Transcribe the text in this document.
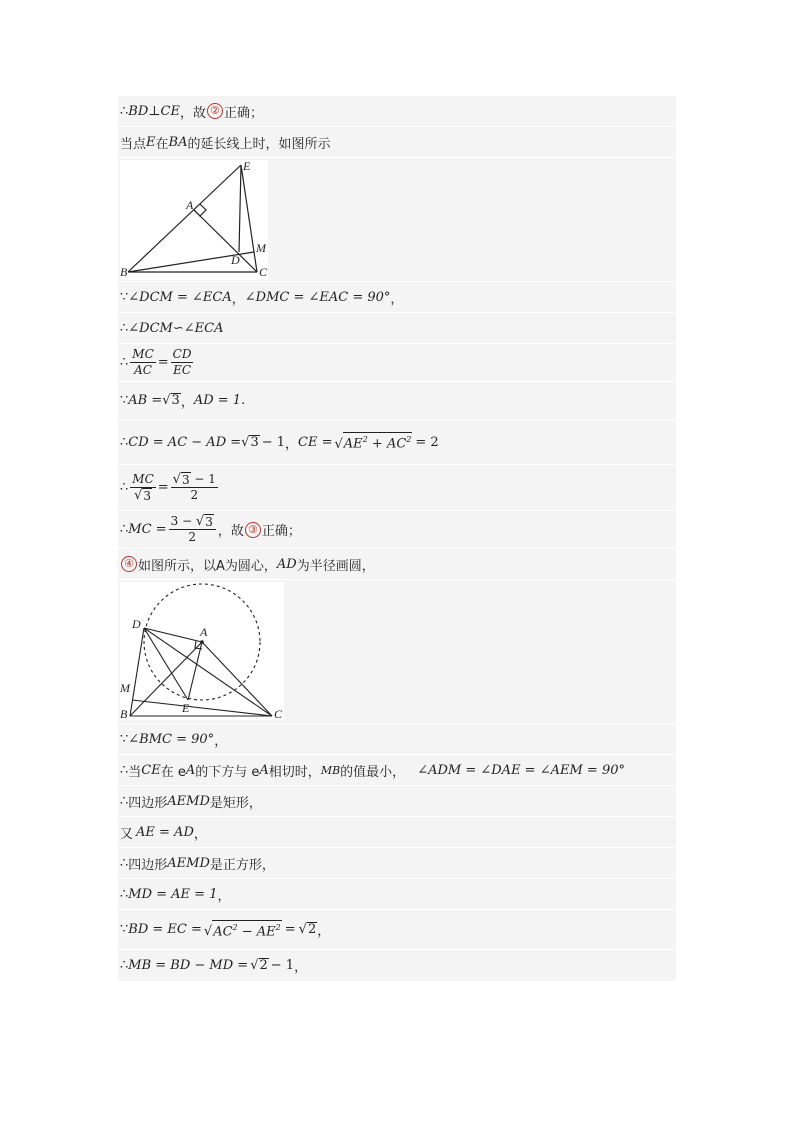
∴ BD ⊥ CE ，故 ② 正确；
当点 E 在 BA 的延长线上时，如图所示
E
A
M
D
B	C
∵ ∠DCM = ∠ECA ， ∠DMC = ∠EAC = 90° ，
∴ ∠DCM∽∠ECA
∴ $\frac{MC}{AC} = \frac{CD}{EC}$
∵ AB = √ 3 ， AD = 1 .
∴ CD = AC − AD = √ 3 − 1 ， CE = √ $AE^2 + AC^2 = 2$
∴ $\frac{MC}{√ 3} = \frac{√ 3 - 1}{2}$
∴ MC = $\frac{3 - √ 3}{2}$ ，故 ③ 正确；
④ 如图所示，以A为圆心， AD 为半径画圆，
D
A
M
B	E	C
∵ ∠BMC = 90° ，
∴ 当 CE 在 e A 的下方与 e A 相切时， MB 的值最小， ∠ADM = ∠DAE = ∠AEM = 90°
∴ 四边形 AEMD 是矩形，
又 AE = AD ，
∴ 四边形 AEMD 是正方形，
∴ MD = AE = 1 ，
∵ BD = EC = √ $AC^2 - AE^2$ = √ 2 ，
∴ MB = BD − MD = √ 2 − 1 ，
